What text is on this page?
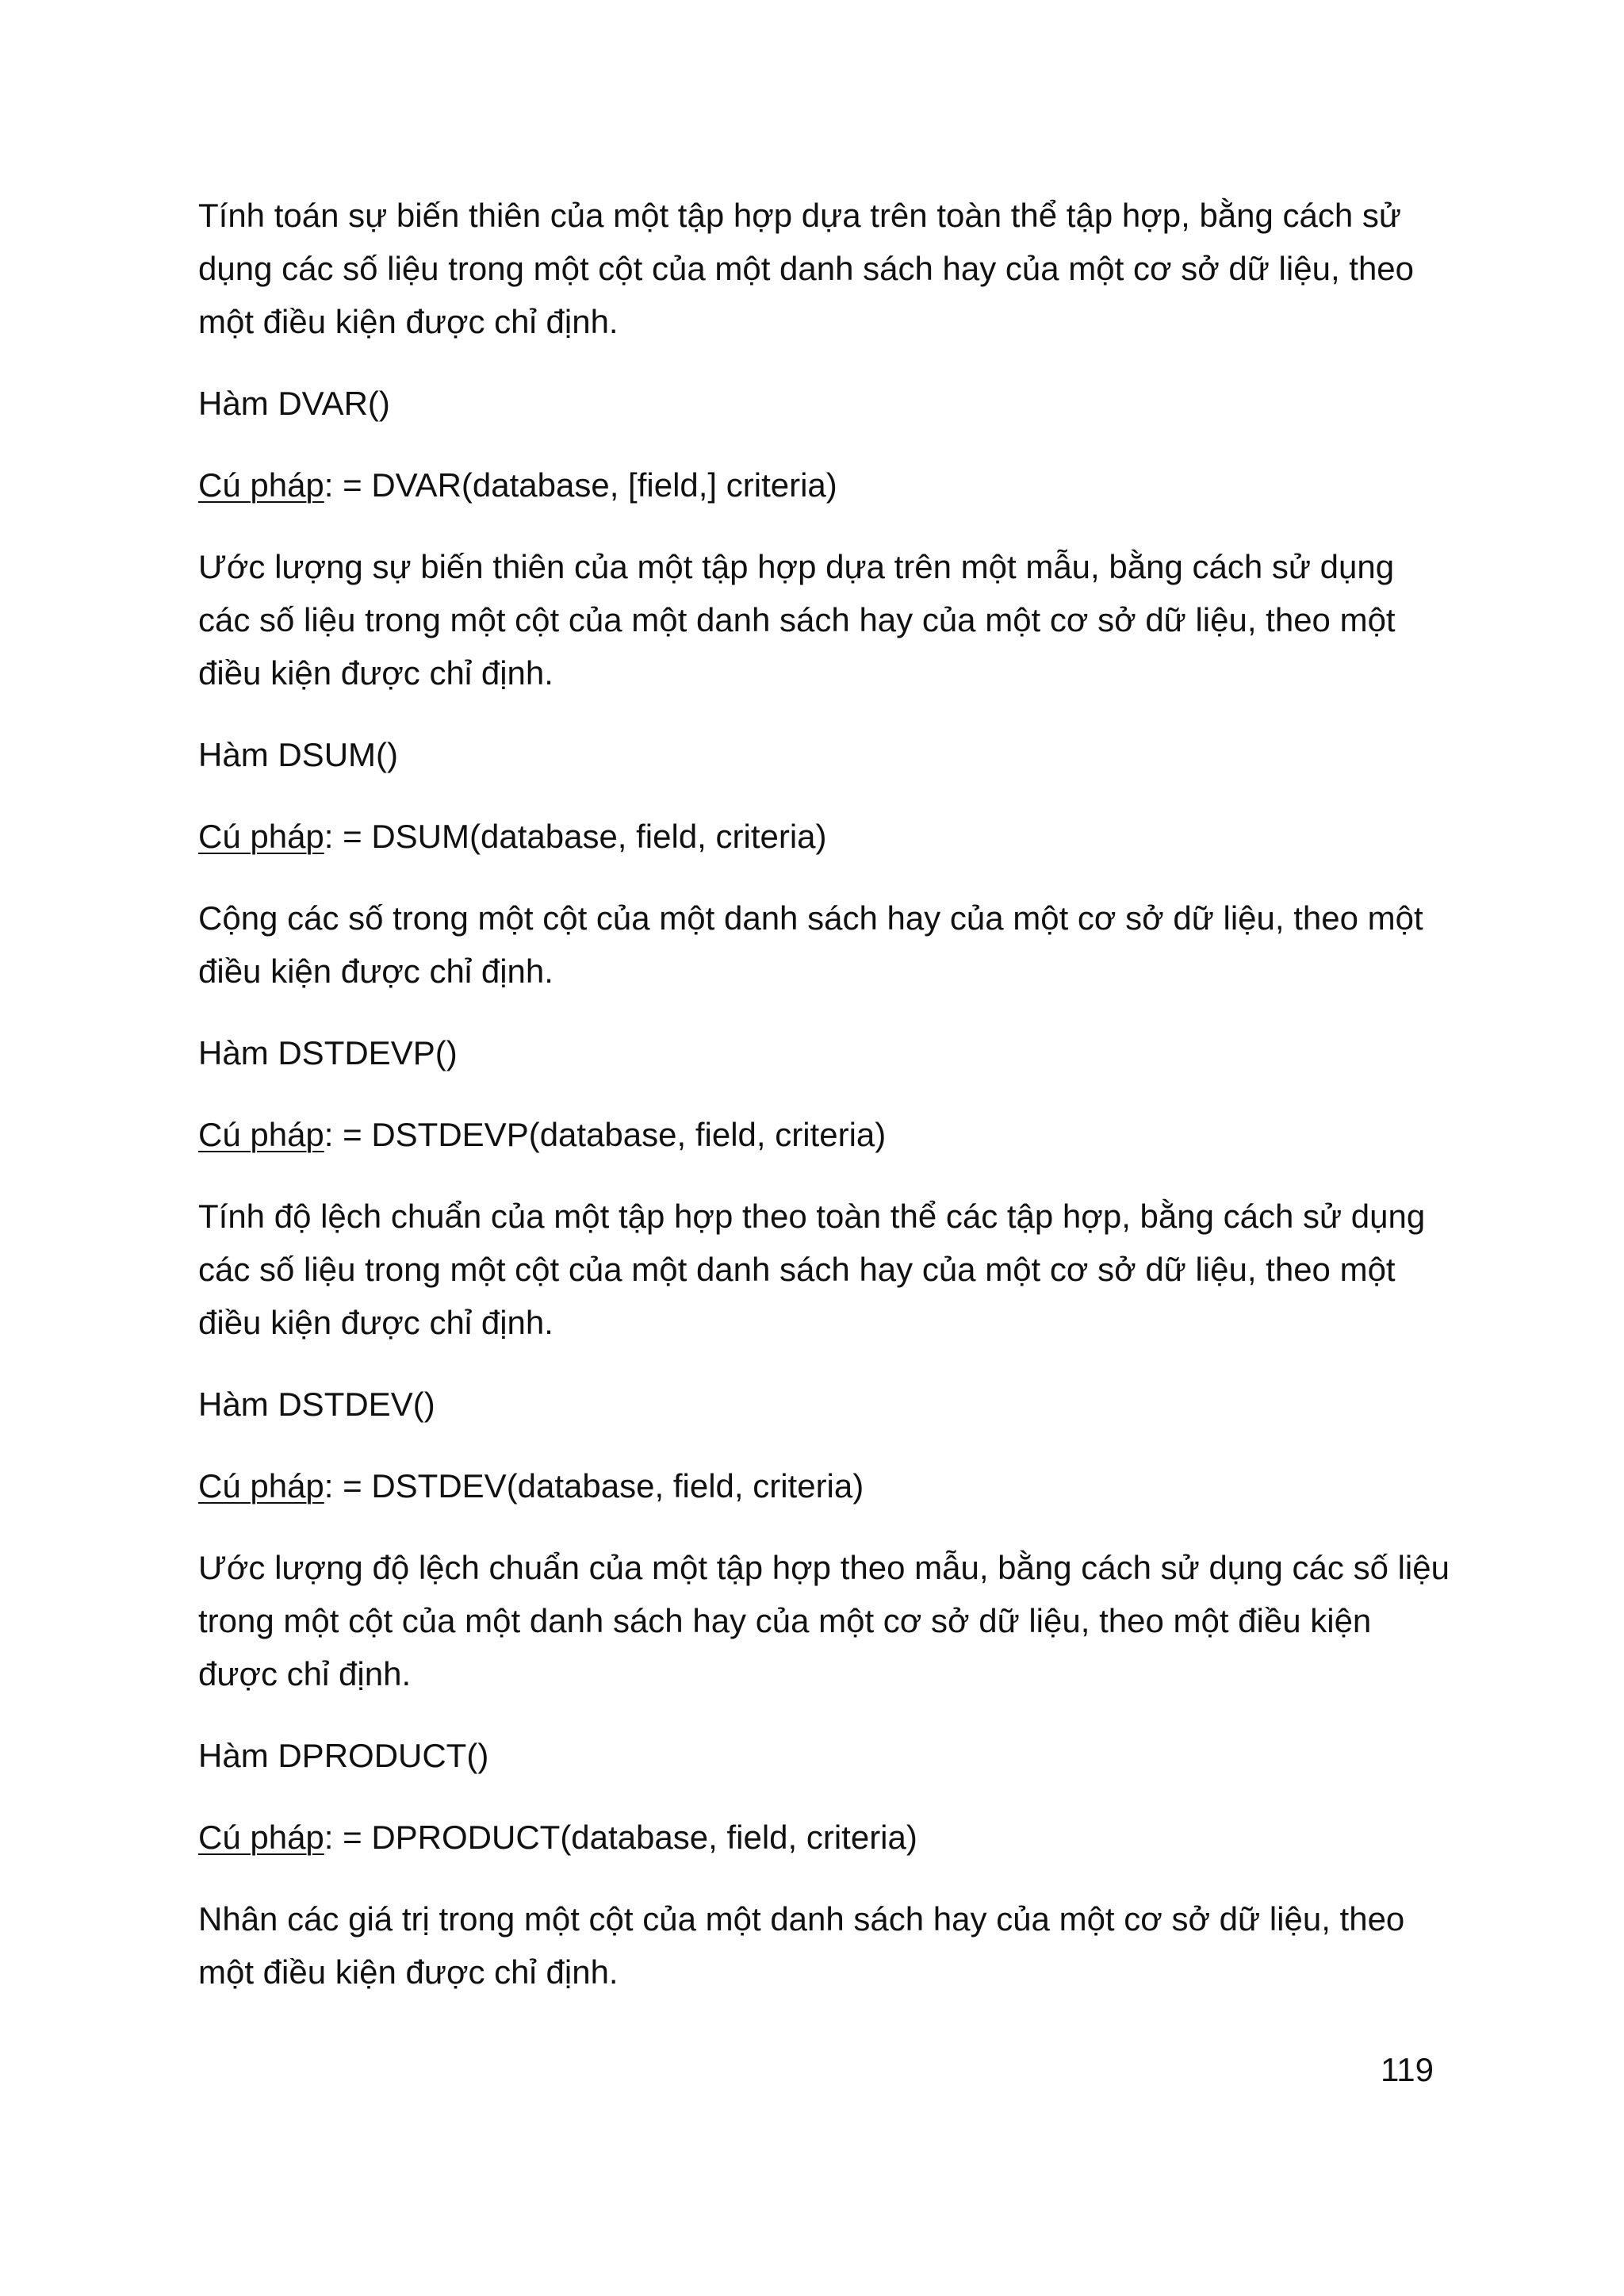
Tính toán sự biến thiên của một tập hợp dựa trên toàn thể tập hợp, bằng cách sử dụng các số liệu trong một cột của một danh sách hay của một cơ sở dữ liệu, theo một điều kiện được chỉ định.

Hàm DVAR()

Cú pháp: = DVAR(database, [field,] criteria)

Ước lượng sự biến thiên của một tập hợp dựa trên một mẫu, bằng cách sử dụng các số liệu trong một cột của một danh sách hay của một cơ sở dữ liệu, theo một điều kiện được chỉ định.

Hàm DSUM()

Cú pháp: = DSUM(database, field, criteria)

Cộng các số trong một cột của một danh sách hay của một cơ sở dữ liệu, theo một điều kiện được chỉ định.

Hàm DSTDEVP()

Cú pháp: = DSTDEVP(database, field, criteria)

Tính độ lệch chuẩn của một tập hợp theo toàn thể các tập hợp, bằng cách sử dụng các số liệu trong một cột của một danh sách hay của một cơ sở dữ liệu, theo một điều kiện được chỉ định.

Hàm DSTDEV()

Cú pháp: = DSTDEV(database, field, criteria)

Ước lượng độ lệch chuẩn của một tập hợp theo mẫu, bằng cách sử dụng các số liệu trong một cột của một danh sách hay của một cơ sở dữ liệu, theo một điều kiện được chỉ định.

Hàm DPRODUCT()

Cú pháp: = DPRODUCT(database, field, criteria)

Nhân các giá trị trong một cột của một danh sách hay của một cơ sở dữ liệu, theo một điều kiện được chỉ định.

119
